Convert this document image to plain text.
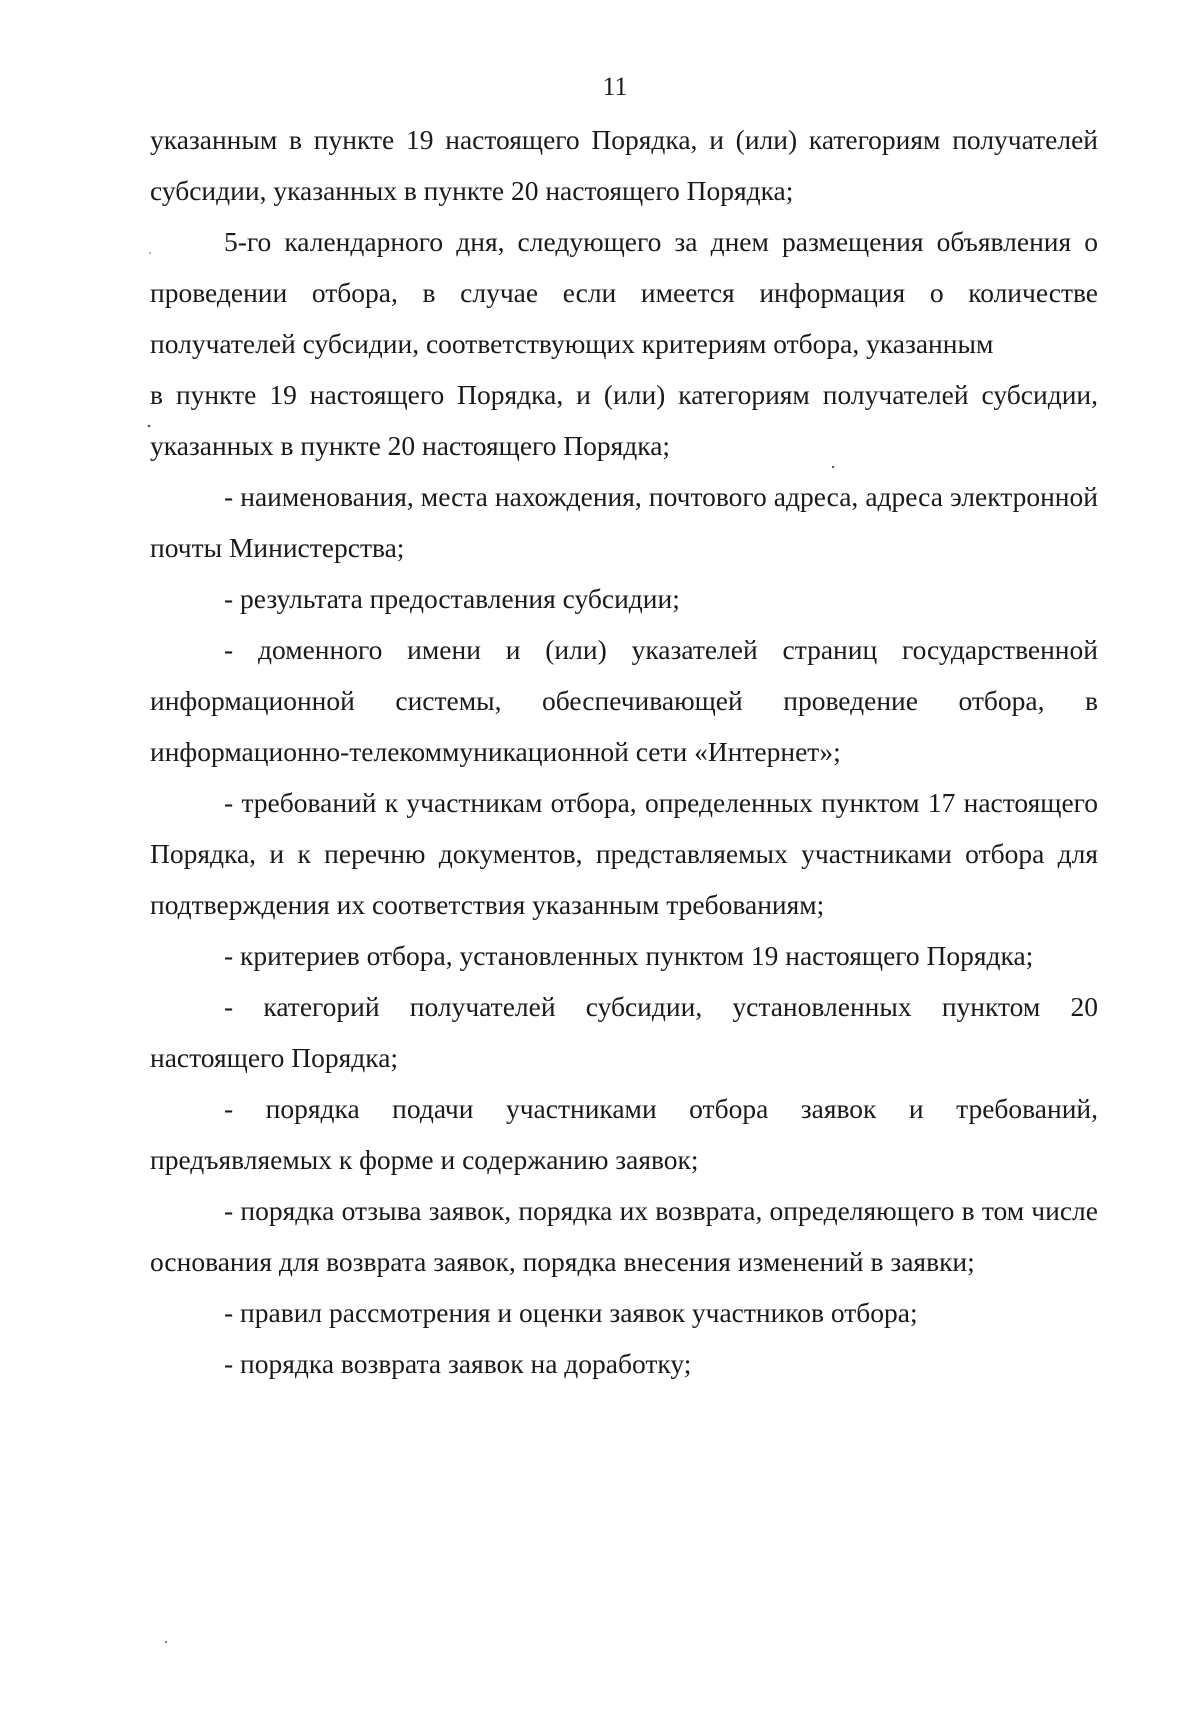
11

указанным в пункте 19 настоящего Порядка, и (или) категориям получателей субсидии, указанных в пункте 20 настоящего Порядка;

5-го календарного дня, следующего за днем размещения объявления о проведении отбора, в случае если имеется информация о количестве получателей субсидии, соответствующих критериям отбора, указанным

в пункте 19 настоящего Порядка, и (или) категориям получателей субсидии, указанных в пункте 20 настоящего Порядка;

- наименования, места нахождения, почтового адреса, адреса электронной почты Министерства;

- результата предоставления субсидии;

- доменного имени и (или) указателей страниц государственной информационной системы, обеспечивающей проведение отбора, в информационно-телекоммуникационной сети «Интернет»;

- требований к участникам отбора, определенных пунктом 17 настоящего Порядка, и к перечню документов, представляемых участниками отбора для подтверждения их соответствия указанным требованиям;

- критериев отбора, установленных пунктом 19 настоящего Порядка;

- категорий получателей субсидии, установленных пунктом 20 настоящего Порядка;

- порядка подачи участниками отбора заявок и требований, предъявляемых к форме и содержанию заявок;

- порядка отзыва заявок, порядка их возврата, определяющего в том числе основания для возврата заявок, порядка внесения изменений в заявки;

- правил рассмотрения и оценки заявок участников отбора;

- порядка возврата заявок на доработку;
